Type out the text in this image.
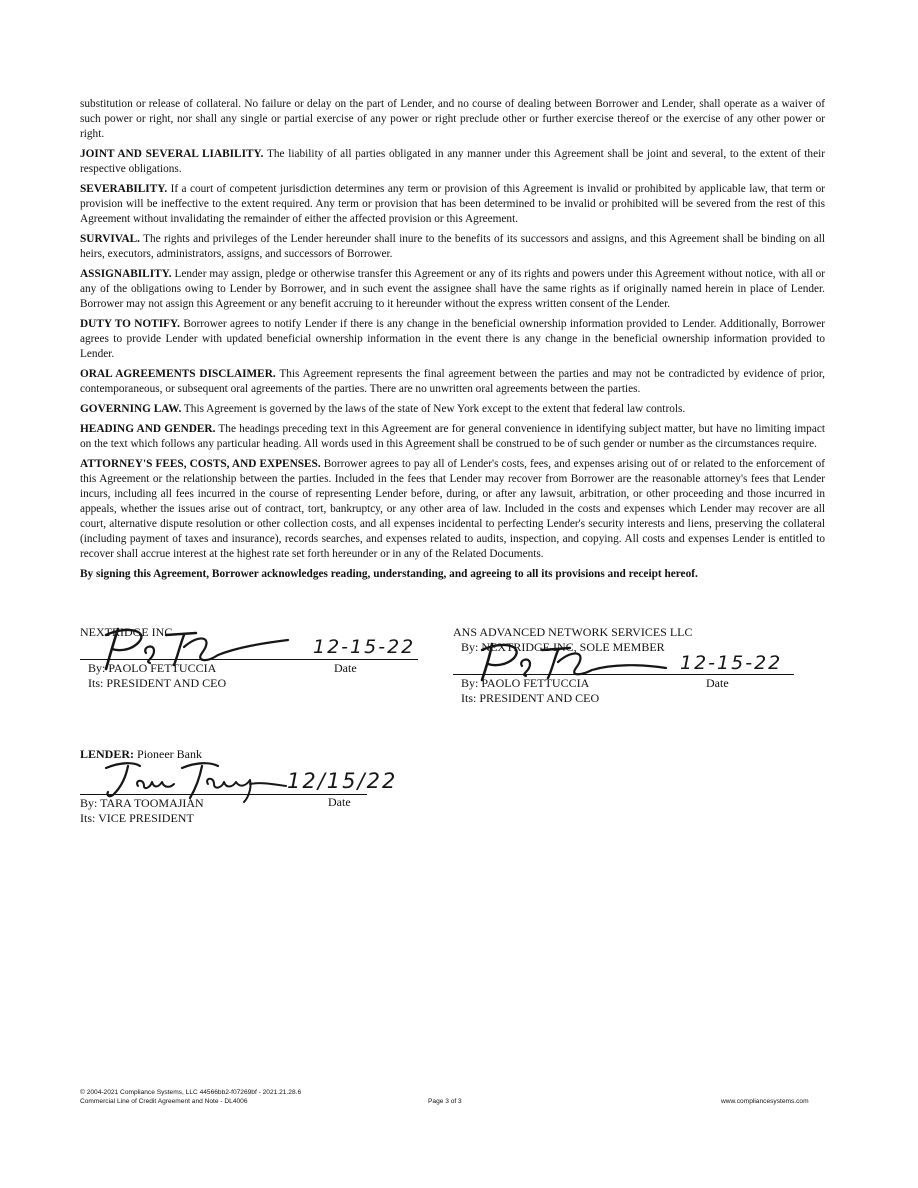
substitution or release of collateral. No failure or delay on the part of Lender, and no course of dealing between Borrower and Lender, shall operate as a waiver of such power or right, nor shall any single or partial exercise of any power or right preclude other or further exercise thereof or the exercise of any other power or right.

JOINT AND SEVERAL LIABILITY. The liability of all parties obligated in any manner under this Agreement shall be joint and several, to the extent of their respective obligations.

SEVERABILITY. If a court of competent jurisdiction determines any term or provision of this Agreement is invalid or prohibited by applicable law, that term or provision will be ineffective to the extent required. Any term or provision that has been determined to be invalid or prohibited will be severed from the rest of this Agreement without invalidating the remainder of either the affected provision or this Agreement.

SURVIVAL. The rights and privileges of the Lender hereunder shall inure to the benefits of its successors and assigns, and this Agreement shall be binding on all heirs, executors, administrators, assigns, and successors of Borrower.

ASSIGNABILITY. Lender may assign, pledge or otherwise transfer this Agreement or any of its rights and powers under this Agreement without notice, with all or any of the obligations owing to Lender by Borrower, and in such event the assignee shall have the same rights as if originally named herein in place of Lender. Borrower may not assign this Agreement or any benefit accruing to it hereunder without the express written consent of the Lender.

DUTY TO NOTIFY. Borrower agrees to notify Lender if there is any change in the beneficial ownership information provided to Lender. Additionally, Borrower agrees to provide Lender with updated beneficial ownership information in the event there is any change in the beneficial ownership information provided to Lender.

ORAL AGREEMENTS DISCLAIMER. This Agreement represents the final agreement between the parties and may not be contradicted by evidence of prior, contemporaneous, or subsequent oral agreements of the parties. There are no unwritten oral agreements between the parties.

GOVERNING LAW. This Agreement is governed by the laws of the state of New York except to the extent that federal law controls.

HEADING AND GENDER. The headings preceding text in this Agreement are for general convenience in identifying subject matter, but have no limiting impact on the text which follows any particular heading. All words used in this Agreement shall be construed to be of such gender or number as the circumstances require.

ATTORNEY'S FEES, COSTS, AND EXPENSES. Borrower agrees to pay all of Lender's costs, fees, and expenses arising out of or related to the enforcement of this Agreement or the relationship between the parties. Included in the fees that Lender may recover from Borrower are the reasonable attorney's fees that Lender incurs, including all fees incurred in the course of representing Lender before, during, or after any lawsuit, arbitration, or other proceeding and those incurred in appeals, whether the issues arise out of contract, tort, bankruptcy, or any other area of law. Included in the costs and expenses which Lender may recover are all court, alternative dispute resolution or other collection costs, and all expenses incidental to perfecting Lender's security interests and liens, preserving the collateral (including payment of taxes and insurance), records searches, and expenses related to audits, inspection, and copying. All costs and expenses Lender is entitled to recover shall accrue interest at the highest rate set forth hereunder or in any of the Related Documents.

By signing this Agreement, Borrower acknowledges reading, understanding, and agreeing to all its provisions and receipt hereof.

NEXTRIDGE INC
12-15-22
By: PAOLO FETTUCCIA	Date
Its: PRESIDENT AND CEO
ANS ADVANCED NETWORK SERVICES LLC
By: NEXTRIDGE INC, SOLE MEMBER
12-15-22
By: PAOLO FETTUCCIA	Date
Its: PRESIDENT AND CEO
LENDER: Pioneer Bank
12/15/22
By: TARA TOOMAJIAN	Date
Its: VICE PRESIDENT
© 2004-2021 Compliance Systems, LLC 44566bb2-f07269bf - 2021.21.28.6
Commercial Line of Credit Agreement and Note - DL4006	Page 3 of 3	www.compliancesystems.com
